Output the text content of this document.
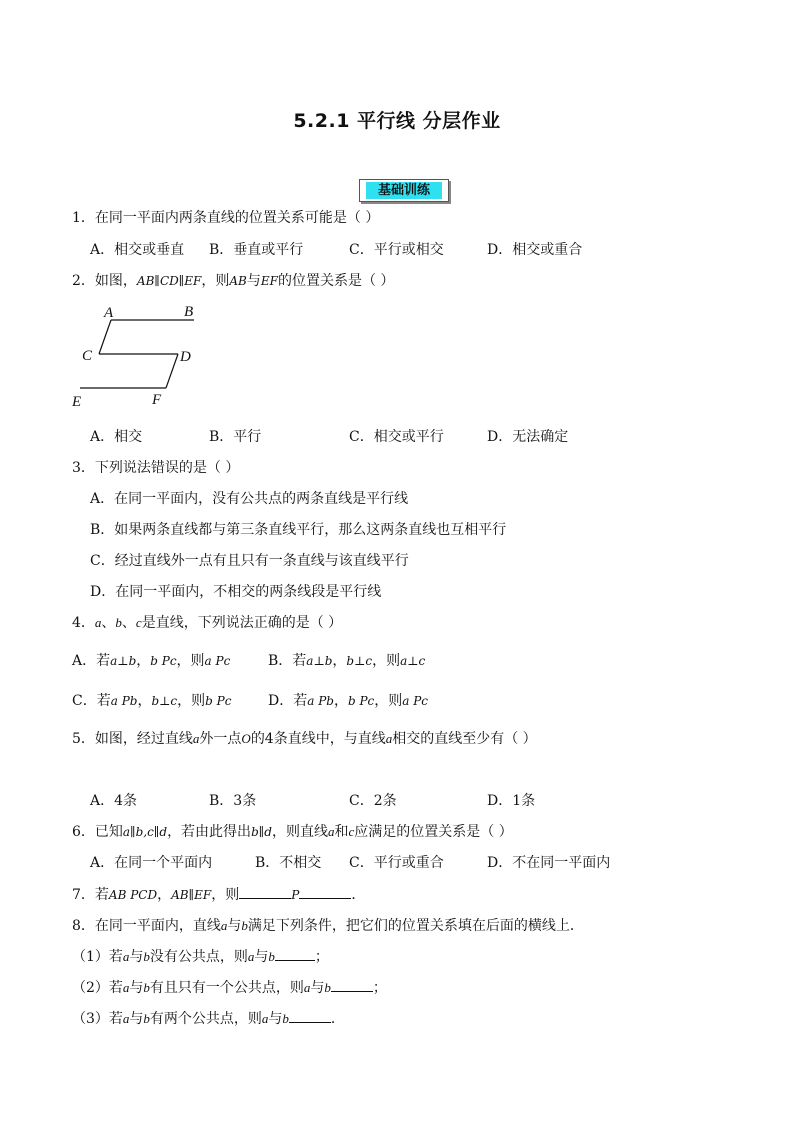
5.2.1 平行线 分层作业
基础训练
1．在同一平面内两条直线的位置关系可能是（ ）
A．相交或垂直 B．垂直或平行	C．平行或相交	D．相交或重合
2．如图，AB∥CD∥EF，则AB与EF的位置关系是（ ）
A	B
C	D
E	F
A．相交	B．平行	C．相交或平行	D．无法确定
3．下列说法错误的是（ ）
A．在同一平面内，没有公共点的两条直线是平行线
B．如果两条直线都与第三条直线平行，那么这两条直线也互相平行
C．经过直线外一点有且只有一条直线与该直线平行
D．在同一平面内，不相交的两条线段是平行线
4．a、b、c是直线，下列说法正确的是（ ）
A．若a⊥b，b Pc，则a Pc	B．若a⊥b，b⊥c，则a⊥c
C．若a Pb，b⊥c，则b Pc	D．若a Pb，b Pc，则a Pc
5．如图，经过直线a外一点O的4条直线中，与直线a相交的直线至少有（ ）
A．4条	B．3条	C．2条	D．1条
6．已知a∥b,c∥d，若由此得出b∥d，则直线a和c应满足的位置关系是（ ）
A．在同一个平面内	B．不相交 C．平行或重合	D．不在同一平面内
7．若AB PCD，AB∥EF，则	P	．
8．在同一平面内，直线a与b满足下列条件，把它们的位置关系填在后面的横线上．
（1）若a与b没有公共点，则a与b	；
（2）若a与b有且只有一个公共点，则a与b	；
（3）若a与b有两个公共点，则a与b	．
